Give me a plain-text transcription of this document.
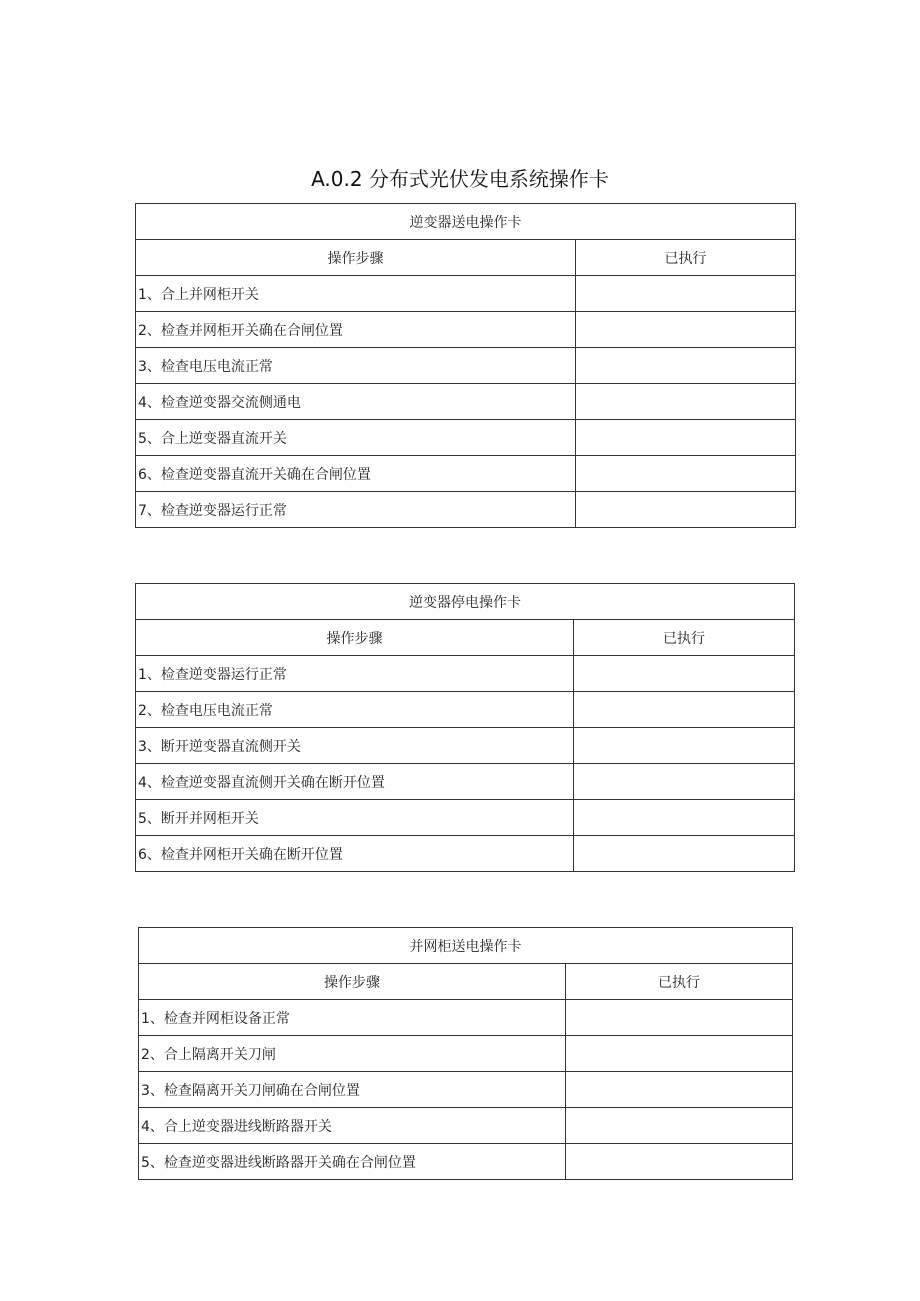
A.0.2 分布式光伏发电系统操作卡
逆变器送电操作卡	
操作步骤	已执行
1、合上并网柜开关	
2、检查并网柜开关确在合闸位置	
3、检查电压电流正常	
4、检查逆变器交流侧通电	
5、合上逆变器直流开关	
6、检查逆变器直流开关确在合闸位置	
7、检查逆变器运行正常	
逆变器停电操作卡	
操作步骤	已执行
1、检查逆变器运行正常	
2、检查电压电流正常	
3、断开逆变器直流侧开关	
4、检查逆变器直流侧开关确在断开位置	
5、断开并网柜开关	
6、检查并网柜开关确在断开位置	
并网柜送电操作卡	
操作步骤	已执行
1、检查并网柜设备正常	
2、合上隔离开关刀闸	
3、检查隔离开关刀闸确在合闸位置	
4、合上逆变器进线断路器开关	
5、检查逆变器进线断路器开关确在合闸位置	
